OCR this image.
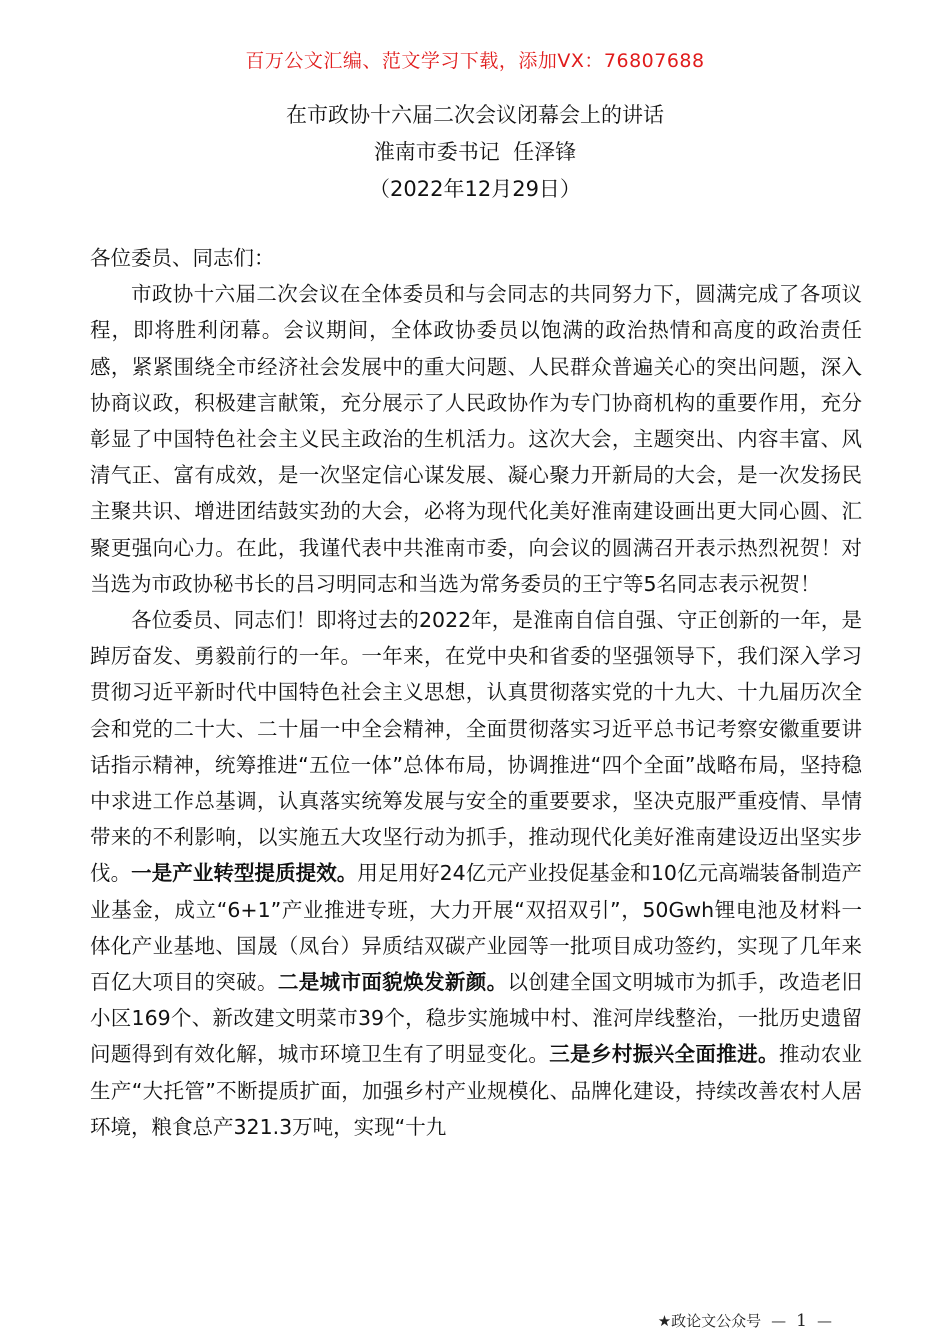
百万公文汇编、范文学习下载，添加VX：76807688
在市政协十六届二次会议闭幕会上的讲话
淮南市委书记  任泽锋
（2022年12月29日）

各位委员、同志们：

市政协十六届二次会议在全体委员和与会同志的共同努力下，圆满完成了各项议程，即将胜利闭幕。会议期间，全体政协委员以饱满的政治热情和高度的政治责任感，紧紧围绕全市经济社会发展中的重大问题、人民群众普遍关心的突出问题，深入协商议政，积极建言献策，充分展示了人民政协作为专门协商机构的重要作用，充分彰显了中国特色社会主义民主政治的生机活力。这次大会，主题突出、内容丰富、风清气正、富有成效，是一次坚定信心谋发展、凝心聚力开新局的大会，是一次发扬民主聚共识、增进团结鼓实劲的大会，必将为现代化美好淮南建设画出更大同心圆、汇聚更强向心力。在此，我谨代表中共淮南市委，向会议的圆满召开表示热烈祝贺！对当选为市政协秘书长的吕习明同志和当选为常务委员的王宁等5名同志表示祝贺！

各位委员、同志们！即将过去的2022年，是淮南自信自强、守正创新的一年，是踔厉奋发、勇毅前行的一年。一年来，在党中央和省委的坚强领导下，我们深入学习贯彻习近平新时代中国特色社会主义思想，认真贯彻落实党的十九大、十九届历次全会和党的二十大、二十届一中全会精神，全面贯彻落实习近平总书记考察安徽重要讲话指示精神，统筹推进“五位一体”总体布局，协调推进“四个全面”战略布局，坚持稳中求进工作总基调，认真落实统筹发展与安全的重要要求，坚决克服严重疫情、旱情带来的不利影响，以实施五大攻坚行动为抓手，推动现代化美好淮南建设迈出坚实步伐。一是产业转型提质提效。用足用好24亿元产业投促基金和10亿元高端装备制造产业基金，成立“6+1”产业推进专班，大力开展“双招双引”，50Gwh锂电池及材料一体化产业基地、国晟（凤台）异质结双碳产业园等一批项目成功签约，实现了几年来百亿大项目的突破。二是城市面貌焕发新颜。以创建全国文明城市为抓手，改造老旧小区169个、新改建文明菜市39个，稳步实施城中村、淮河岸线整治，一批历史遗留问题得到有效化解，城市环境卫生有了明显变化。三是乡村振兴全面推进。推动农业生产“大托管”不断提质扩面，加强乡村产业规模化、品牌化建设，持续改善农村人居环境，粮食总产321.3万吨，实现“十九

★政论文公众号 — 1 —
